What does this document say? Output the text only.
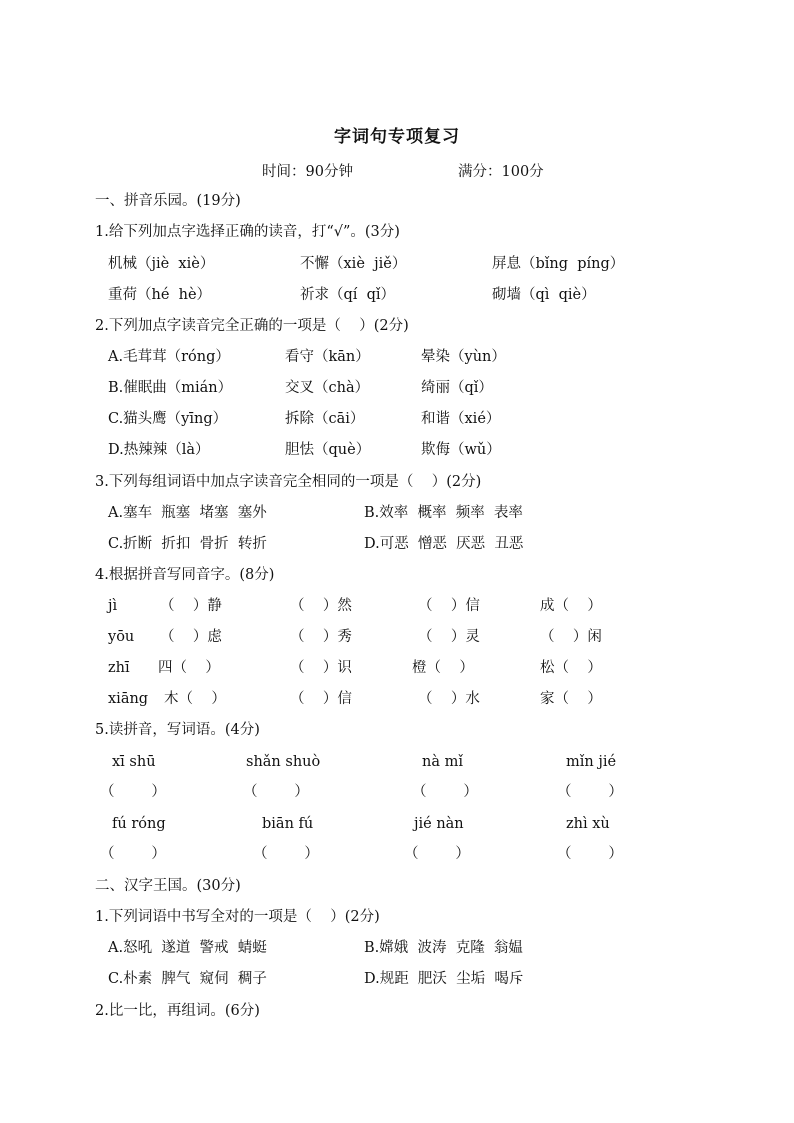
字词句专项复习
时间：90分钟	满分：100分
一、拼音乐园。(19分)
1.给下列加点字选择正确的读音，打“√”。(3分)
机械（jiè  xiè）	不懈（xiè  jiě）	屏息（bǐng  píng）
重荷（hé  hè）	祈求（qí  qǐ）	砌墙（qì  qiè）
2.下列加点字读音完全正确的一项是（    ）(2分)
A.毛茸茸（róng）	看守（kān）	晕染（yùn）
B.催眠曲（mián）	交叉（chà）	绮丽（qǐ）
C.猫头鹰（yīng）	拆除（cāi）	和谐（xié）
D.热辣辣（là）	胆怯（què）	欺侮（wǔ）
3.下列每组词语中加点字读音完全相同的一项是（    ）(2分)
A.塞车  瓶塞  堵塞  塞外	B.效率  概率  频率  表率
C.折断  折扣  骨折  转折	D.可恶  憎恶  厌恶  丑恶
4.根据拼音写同音字。(8分)
jì	（    ）静	（    ）然	（    ）信	成（    ）
yōu （    ）虑	（    ）秀	（    ）灵	（    ）闲
zhī 四（    ）	（    ）识	橙（    ）	松（    ）
xiāng 木（    ）	（    ）信	（    ）水	家（    ）
5.读拼音，写词语。(4分)
xī shū	shǎn shuò	nà mǐ	mǐn jié
（        ）	（        ）	（        ）	（        ）
fú róng	biān fú	jié nàn	zhì xù
（        ）	（        ）	（        ）	（        ）
二、汉字王国。(30分)
1.下列词语中书写全对的一项是（    ）(2分)
A.怒吼  遂道  警戒  蜻蜓	B.嫦娥  波涛  克隆  翁媪
C.朴素  脾气  窥伺  稠子	D.规距  肥沃  尘垢  喝斥
2.比一比，再组词。(6分)
